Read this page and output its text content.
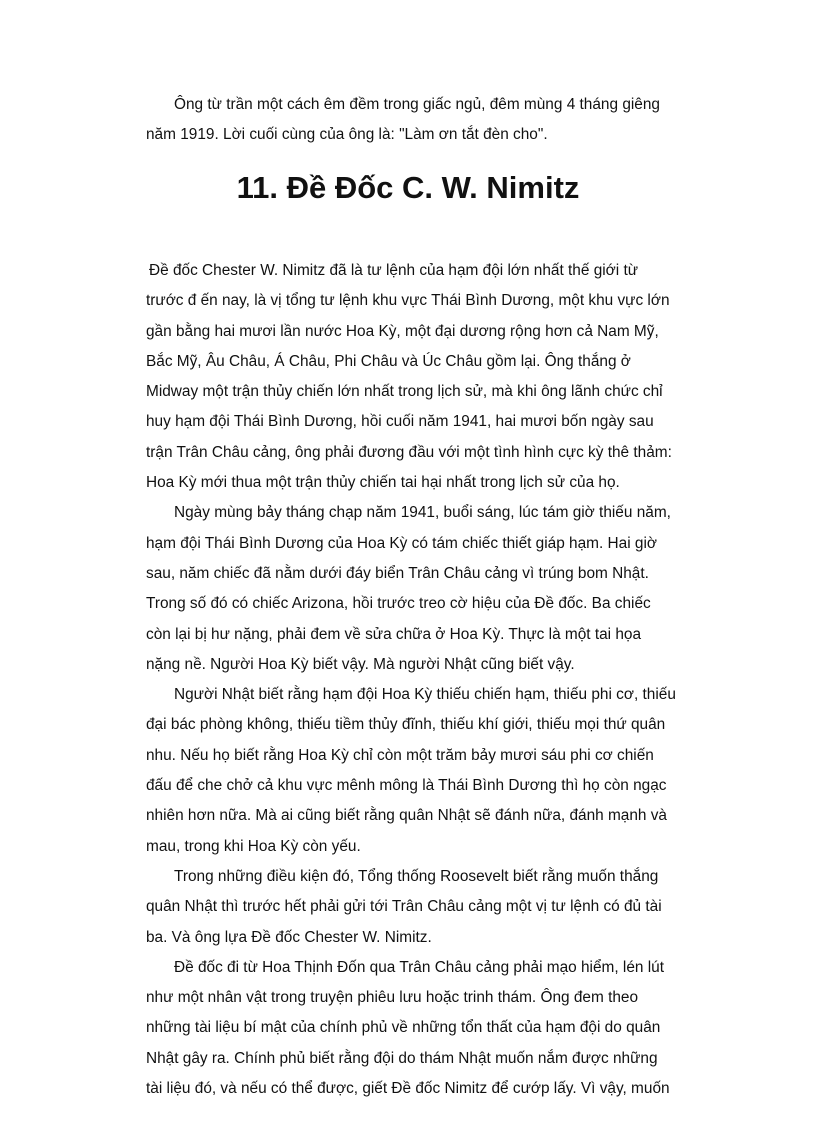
Ông từ trần một cách êm đềm trong giấc ngủ, đêm mùng 4 tháng giêng năm 1919. Lời cuối cùng của ông là: "Làm ơn tắt đèn cho".

11. Đề Đốc C. W. Nimitz

Đề đốc Chester W. Nimitz đã là tư lệnh của hạm đội lớn nhất thế giới từ trước đ ến nay, là vị tổng tư lệnh khu vực Thái Bình Dương, một khu vực lớn gần bằng hai mươi lần nước Hoa Kỳ, một đại dương rộng hơn cả Nam Mỹ, Bắc Mỹ, Âu Châu, Á Châu, Phi Châu và Úc Châu gồm lại. Ông thắng ở Midway một trận thủy chiến lớn nhất trong lịch sử, mà khi ông lãnh chức chỉ huy hạm đội Thái Bình Dương, hồi cuối năm 1941, hai mươi bốn ngày sau trận Trân Châu cảng, ông phải đương đầu với một tình hình cực kỳ thê thảm: Hoa Kỳ mới thua một trận thủy chiến tai hại nhất trong lịch sử của họ.

Ngày mùng bảy tháng chạp năm 1941, buổi sáng, lúc tám giờ thiếu năm, hạm đội Thái Bình Dương của Hoa Kỳ có tám chiếc thiết giáp hạm. Hai giờ sau, năm chiếc đã nằm dưới đáy biển Trân Châu cảng vì trúng bom Nhật. Trong số đó có chiếc Arizona, hồi trước treo cờ hiệu của Đề đốc. Ba chiếc còn lại bị hư nặng, phải đem về sửa chữa ở Hoa Kỳ. Thực là một tai họa nặng nề. Người Hoa Kỳ biết vậy. Mà người Nhật cũng biết vậy.

Người Nhật biết rằng hạm đội Hoa Kỳ thiếu chiến hạm, thiếu phi cơ, thiếu đại bác phòng không, thiếu tiềm thủy đĩnh, thiếu khí giới, thiếu mọi thứ quân nhu. Nếu họ biết rằng Hoa Kỳ chỉ còn một trăm bảy mươi sáu phi cơ chiến đấu để che chở cả khu vực mênh mông là Thái Bình Dương thì họ còn ngạc nhiên hơn nữa. Mà ai cũng biết rằng quân Nhật sẽ đánh nữa, đánh mạnh và mau, trong khi Hoa Kỳ còn yếu.

Trong những điều kiện đó, Tổng thống Roosevelt biết rằng muốn thắng quân Nhật thì trước hết phải gửi tới Trân Châu cảng một vị tư lệnh có đủ tài ba. Và ông lựa Đề đốc Chester W. Nimitz.

Đề đốc đi từ Hoa Thịnh Đốn qua Trân Châu cảng phải mạo hiểm, lén lút như một nhân vật trong truyện phiêu lưu hoặc trinh thám. Ông đem theo những tài liệu bí mật của chính phủ về những tổn thất của hạm đội do quân Nhật gây ra. Chính phủ biết rằng đội do thám Nhật muốn nắm được những tài liệu đó, và nếu có thể được, giết Đề đốc Nimitz để cướp lấy. Vì vậy, muốn
